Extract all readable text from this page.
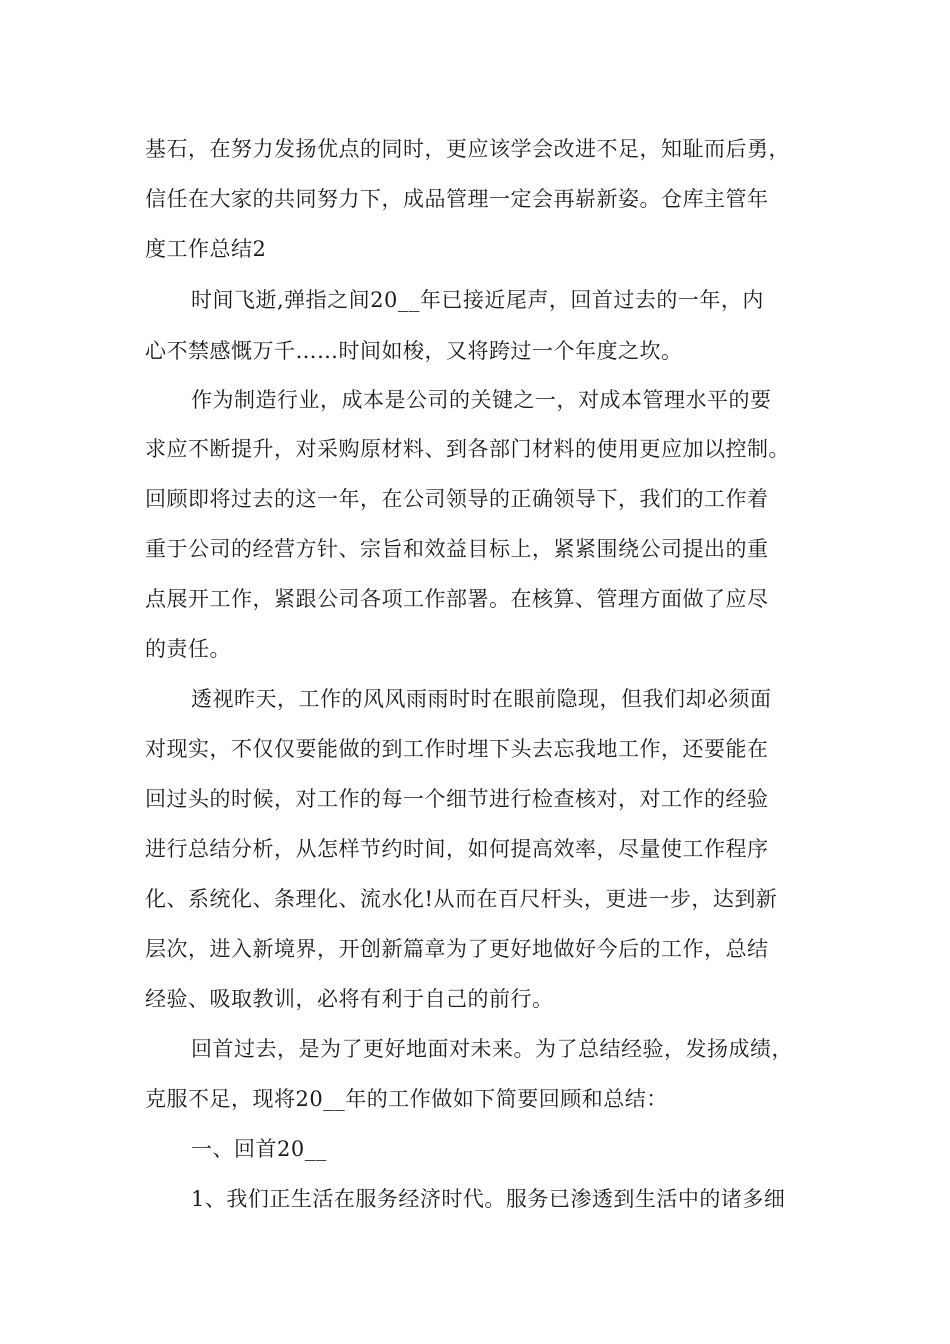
基石，在努力发扬优点的同时，更应该学会改进不足，知耻而后勇，
信任在大家的共同努力下，成品管理一定会再崭新姿。仓库主管年
度工作总结2
时间飞逝,弹指之间20__年已接近尾声，回首过去的一年，内
心不禁感慨万千……时间如梭，又将跨过一个年度之坎。
作为制造行业，成本是公司的关键之一，对成本管理水平的要
求应不断提升，对采购原材料、到各部门材料的使用更应加以控制。
回顾即将过去的这一年，在公司领导的正确领导下，我们的工作着
重于公司的经营方针、宗旨和效益目标上，紧紧围绕公司提出的重
点展开工作，紧跟公司各项工作部署。在核算、管理方面做了应尽
的责任。
透视昨天，工作的风风雨雨时时在眼前隐现，但我们却必须面
对现实，不仅仅要能做的到工作时埋下头去忘我地工作，还要能在
回过头的时候，对工作的每一个细节进行检查核对，对工作的经验
进行总结分析，从怎样节约时间，如何提高效率，尽量使工作程序
化、系统化、条理化、流水化!从而在百尺杆头，更进一步，达到新
层次，进入新境界，开创新篇章为了更好地做好今后的工作，总结
经验、吸取教训，必将有利于自己的前行。
回首过去，是为了更好地面对未来。为了总结经验，发扬成绩，
克服不足，现将20__年的工作做如下简要回顾和总结：
一、回首20__
1、我们正生活在服务经济时代。服务已渗透到生活中的诸多细
